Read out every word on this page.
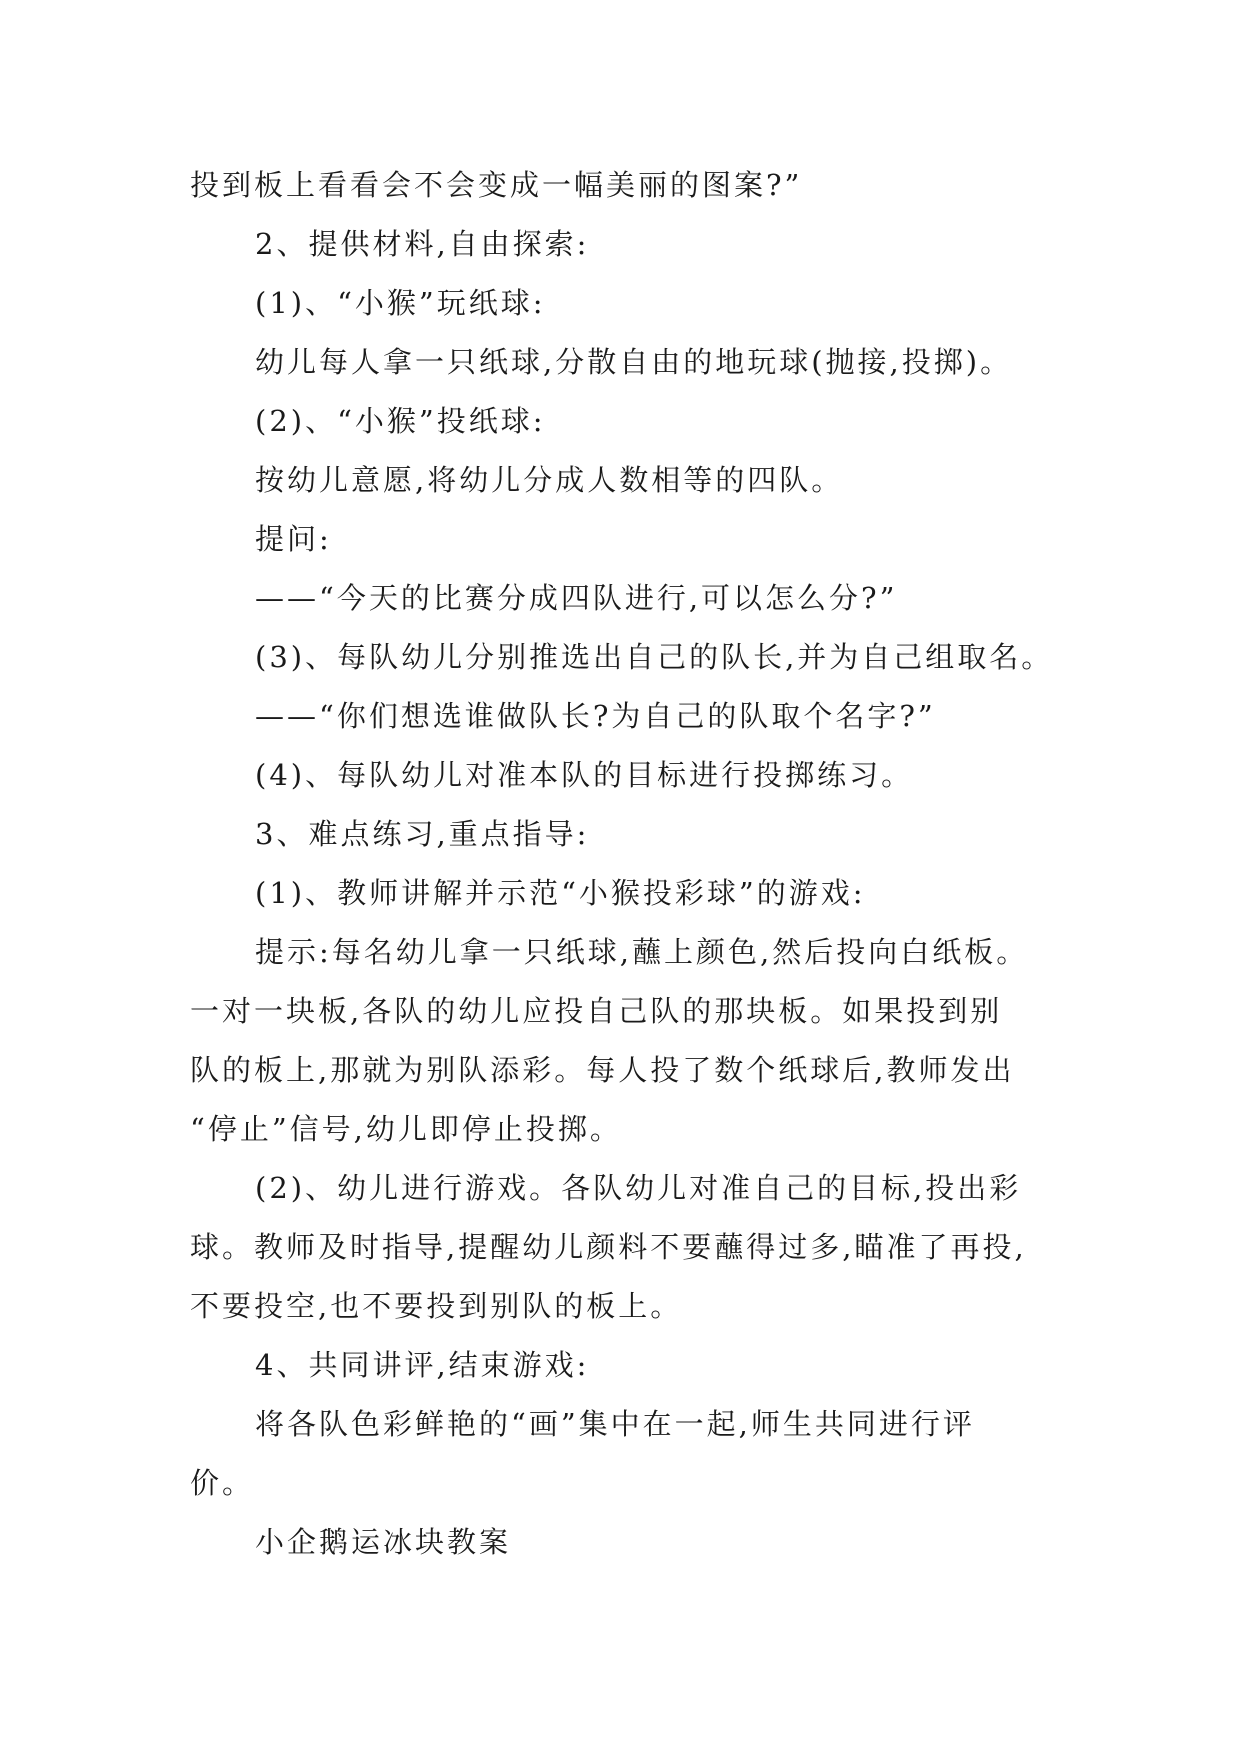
投到板上看看会不会变成一幅美丽的图案?”
2、提供材料,自由探索:
(1)、“小猴”玩纸球:
幼儿每人拿一只纸球,分散自由的地玩球(抛接,投掷)。
(2)、“小猴”投纸球:
按幼儿意愿,将幼儿分成人数相等的四队。
提问:
——“今天的比赛分成四队进行,可以怎么分?”
(3)、每队幼儿分别推选出自己的队长,并为自己组取名。
——“你们想选谁做队长?为自己的队取个名字?”
(4)、每队幼儿对准本队的目标进行投掷练习。
3、难点练习,重点指导:
(1)、教师讲解并示范“小猴投彩球”的游戏:
提示:每名幼儿拿一只纸球,蘸上颜色,然后投向白纸板。
一对一块板,各队的幼儿应投自己队的那块板。如果投到别
队的板上,那就为别队添彩。每人投了数个纸球后,教师发出
“停止”信号,幼儿即停止投掷。
(2)、幼儿进行游戏。各队幼儿对准自己的目标,投出彩
球。教师及时指导,提醒幼儿颜料不要蘸得过多,瞄准了再投,
不要投空,也不要投到别队的板上。
4、共同讲评,结束游戏:
将各队色彩鲜艳的“画”集中在一起,师生共同进行评
价。
小企鹅运冰块教案
